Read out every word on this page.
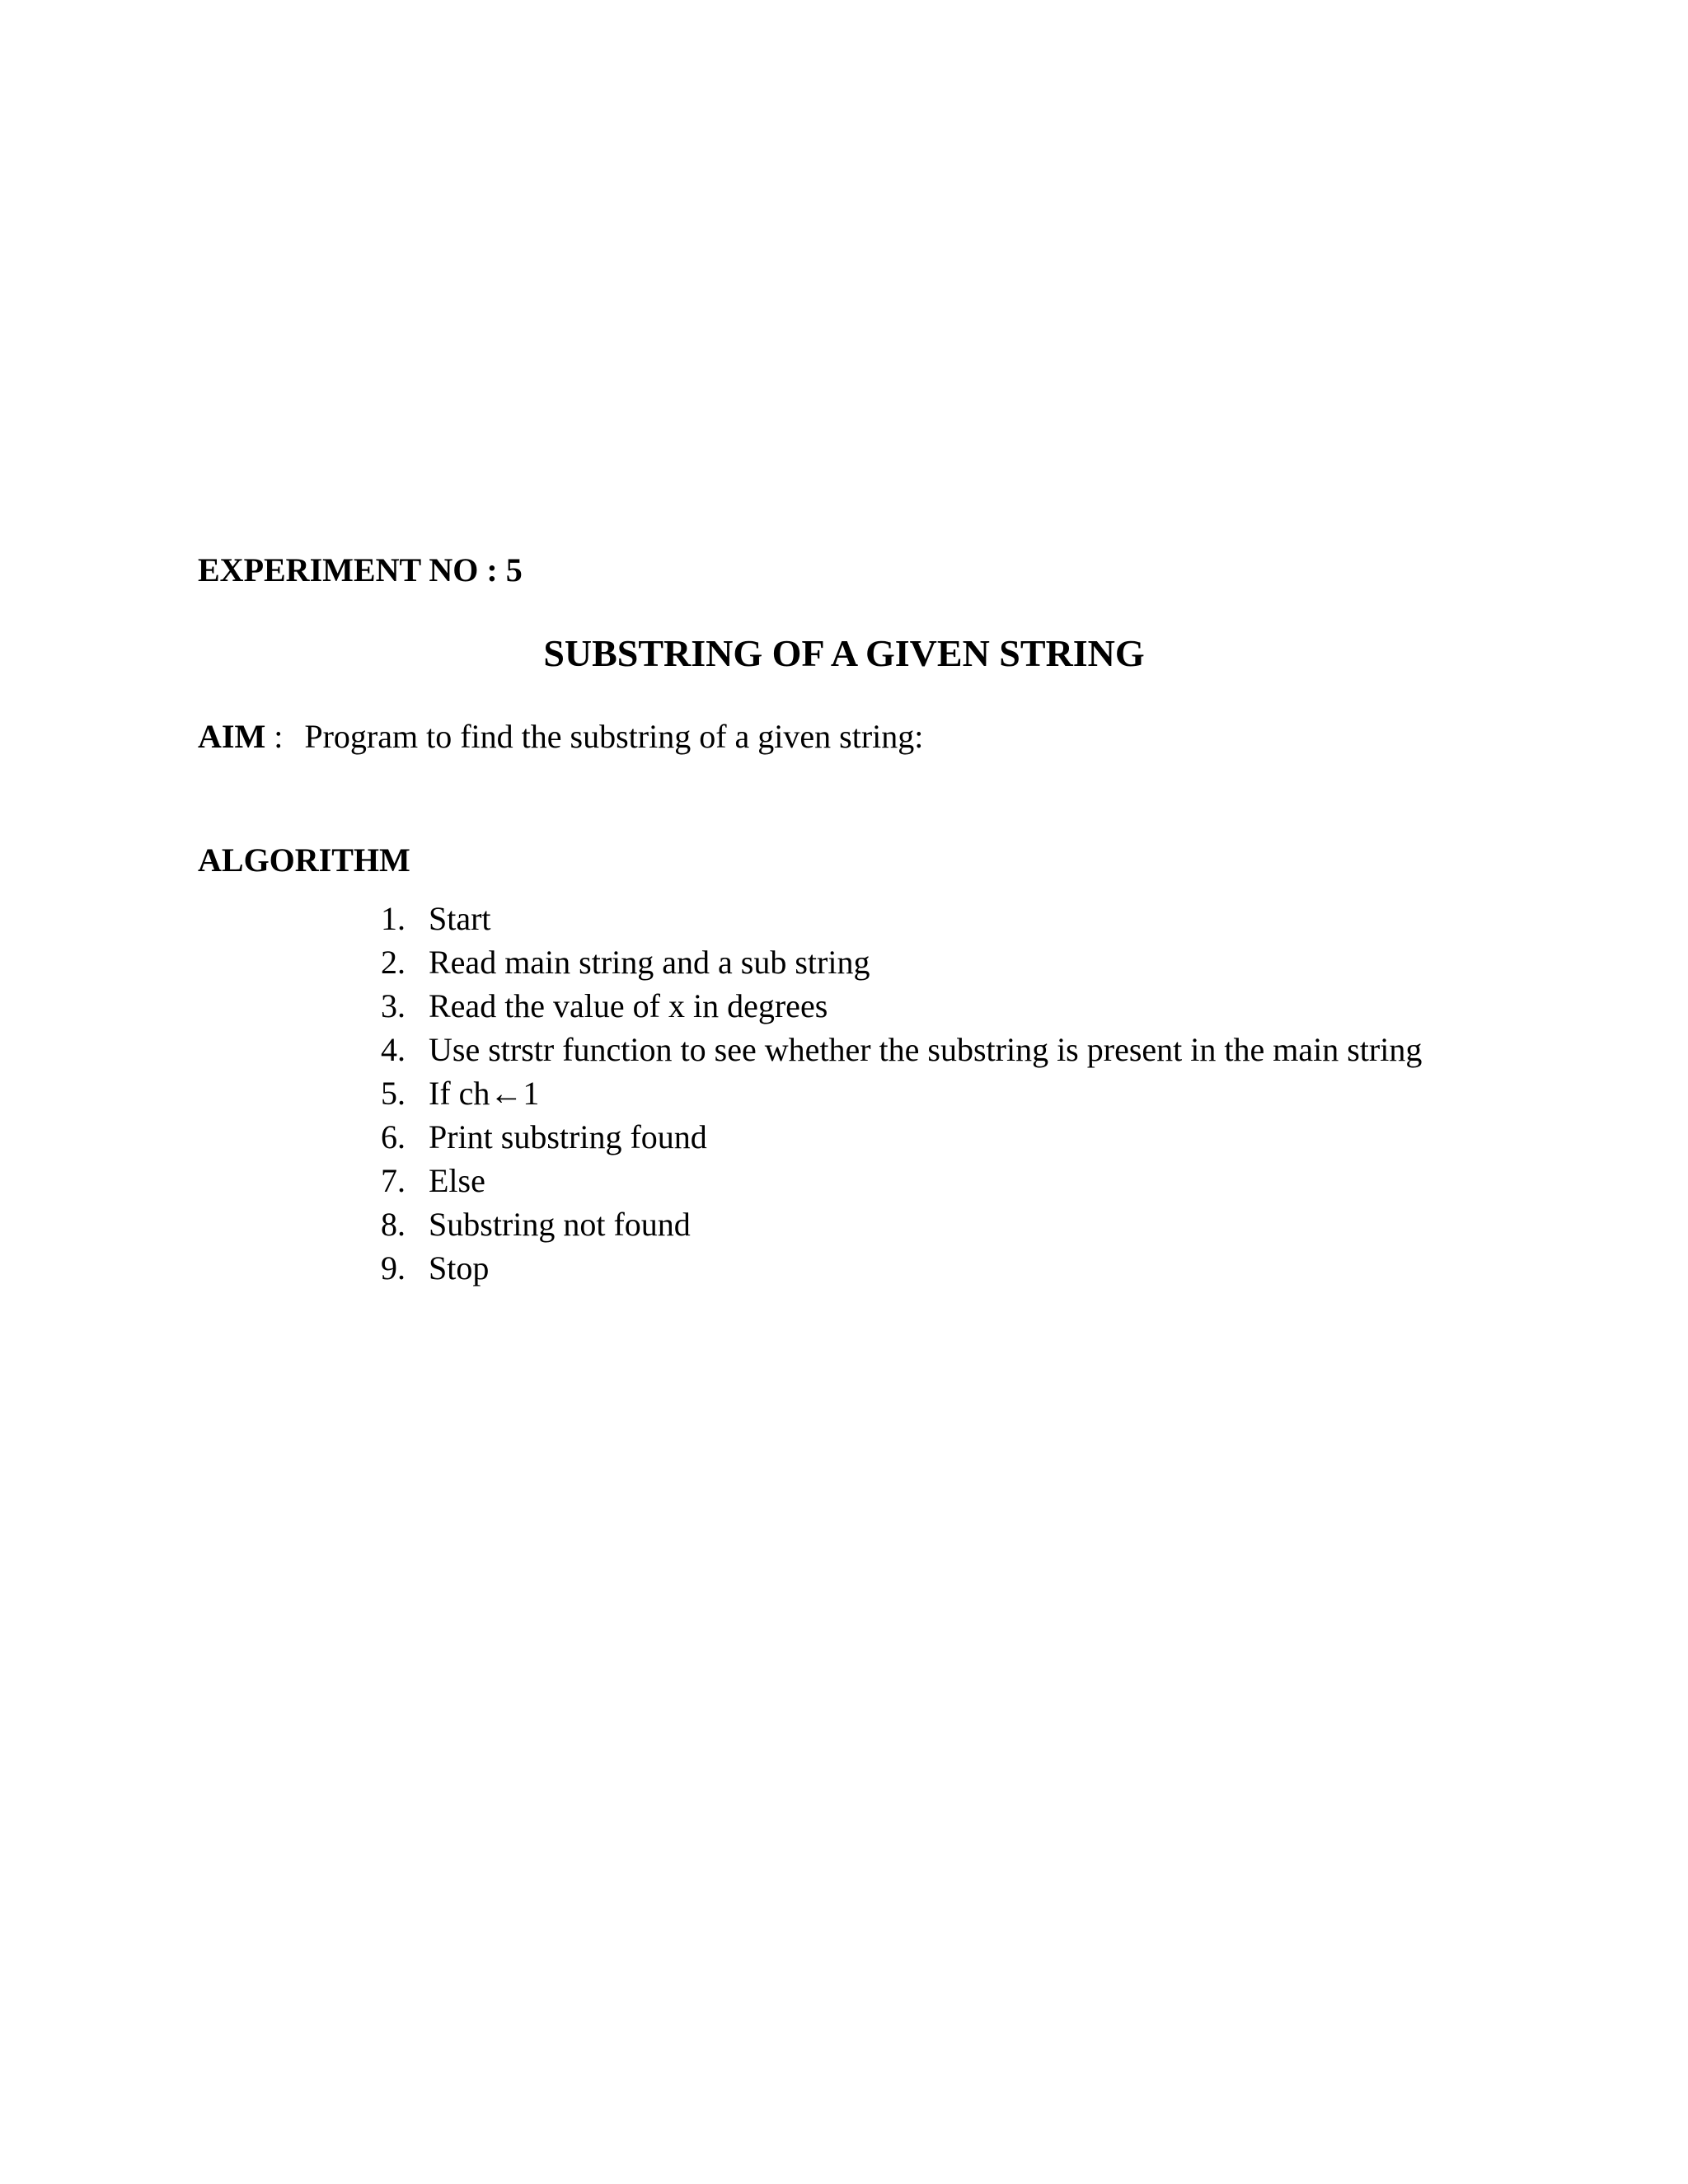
EXPERIMENT NO : 5
SUBSTRING OF A GIVEN STRING
AIM : Program to find the substring of a given string:
ALGORITHM
1. Start
2. Read main string and a sub string
3. Read the value of x in degrees
4. Use strstr function to see whether the substring is present in the main string
5. If ch←1
6. Print substring found
7. Else
8. Substring not found
9. Stop
